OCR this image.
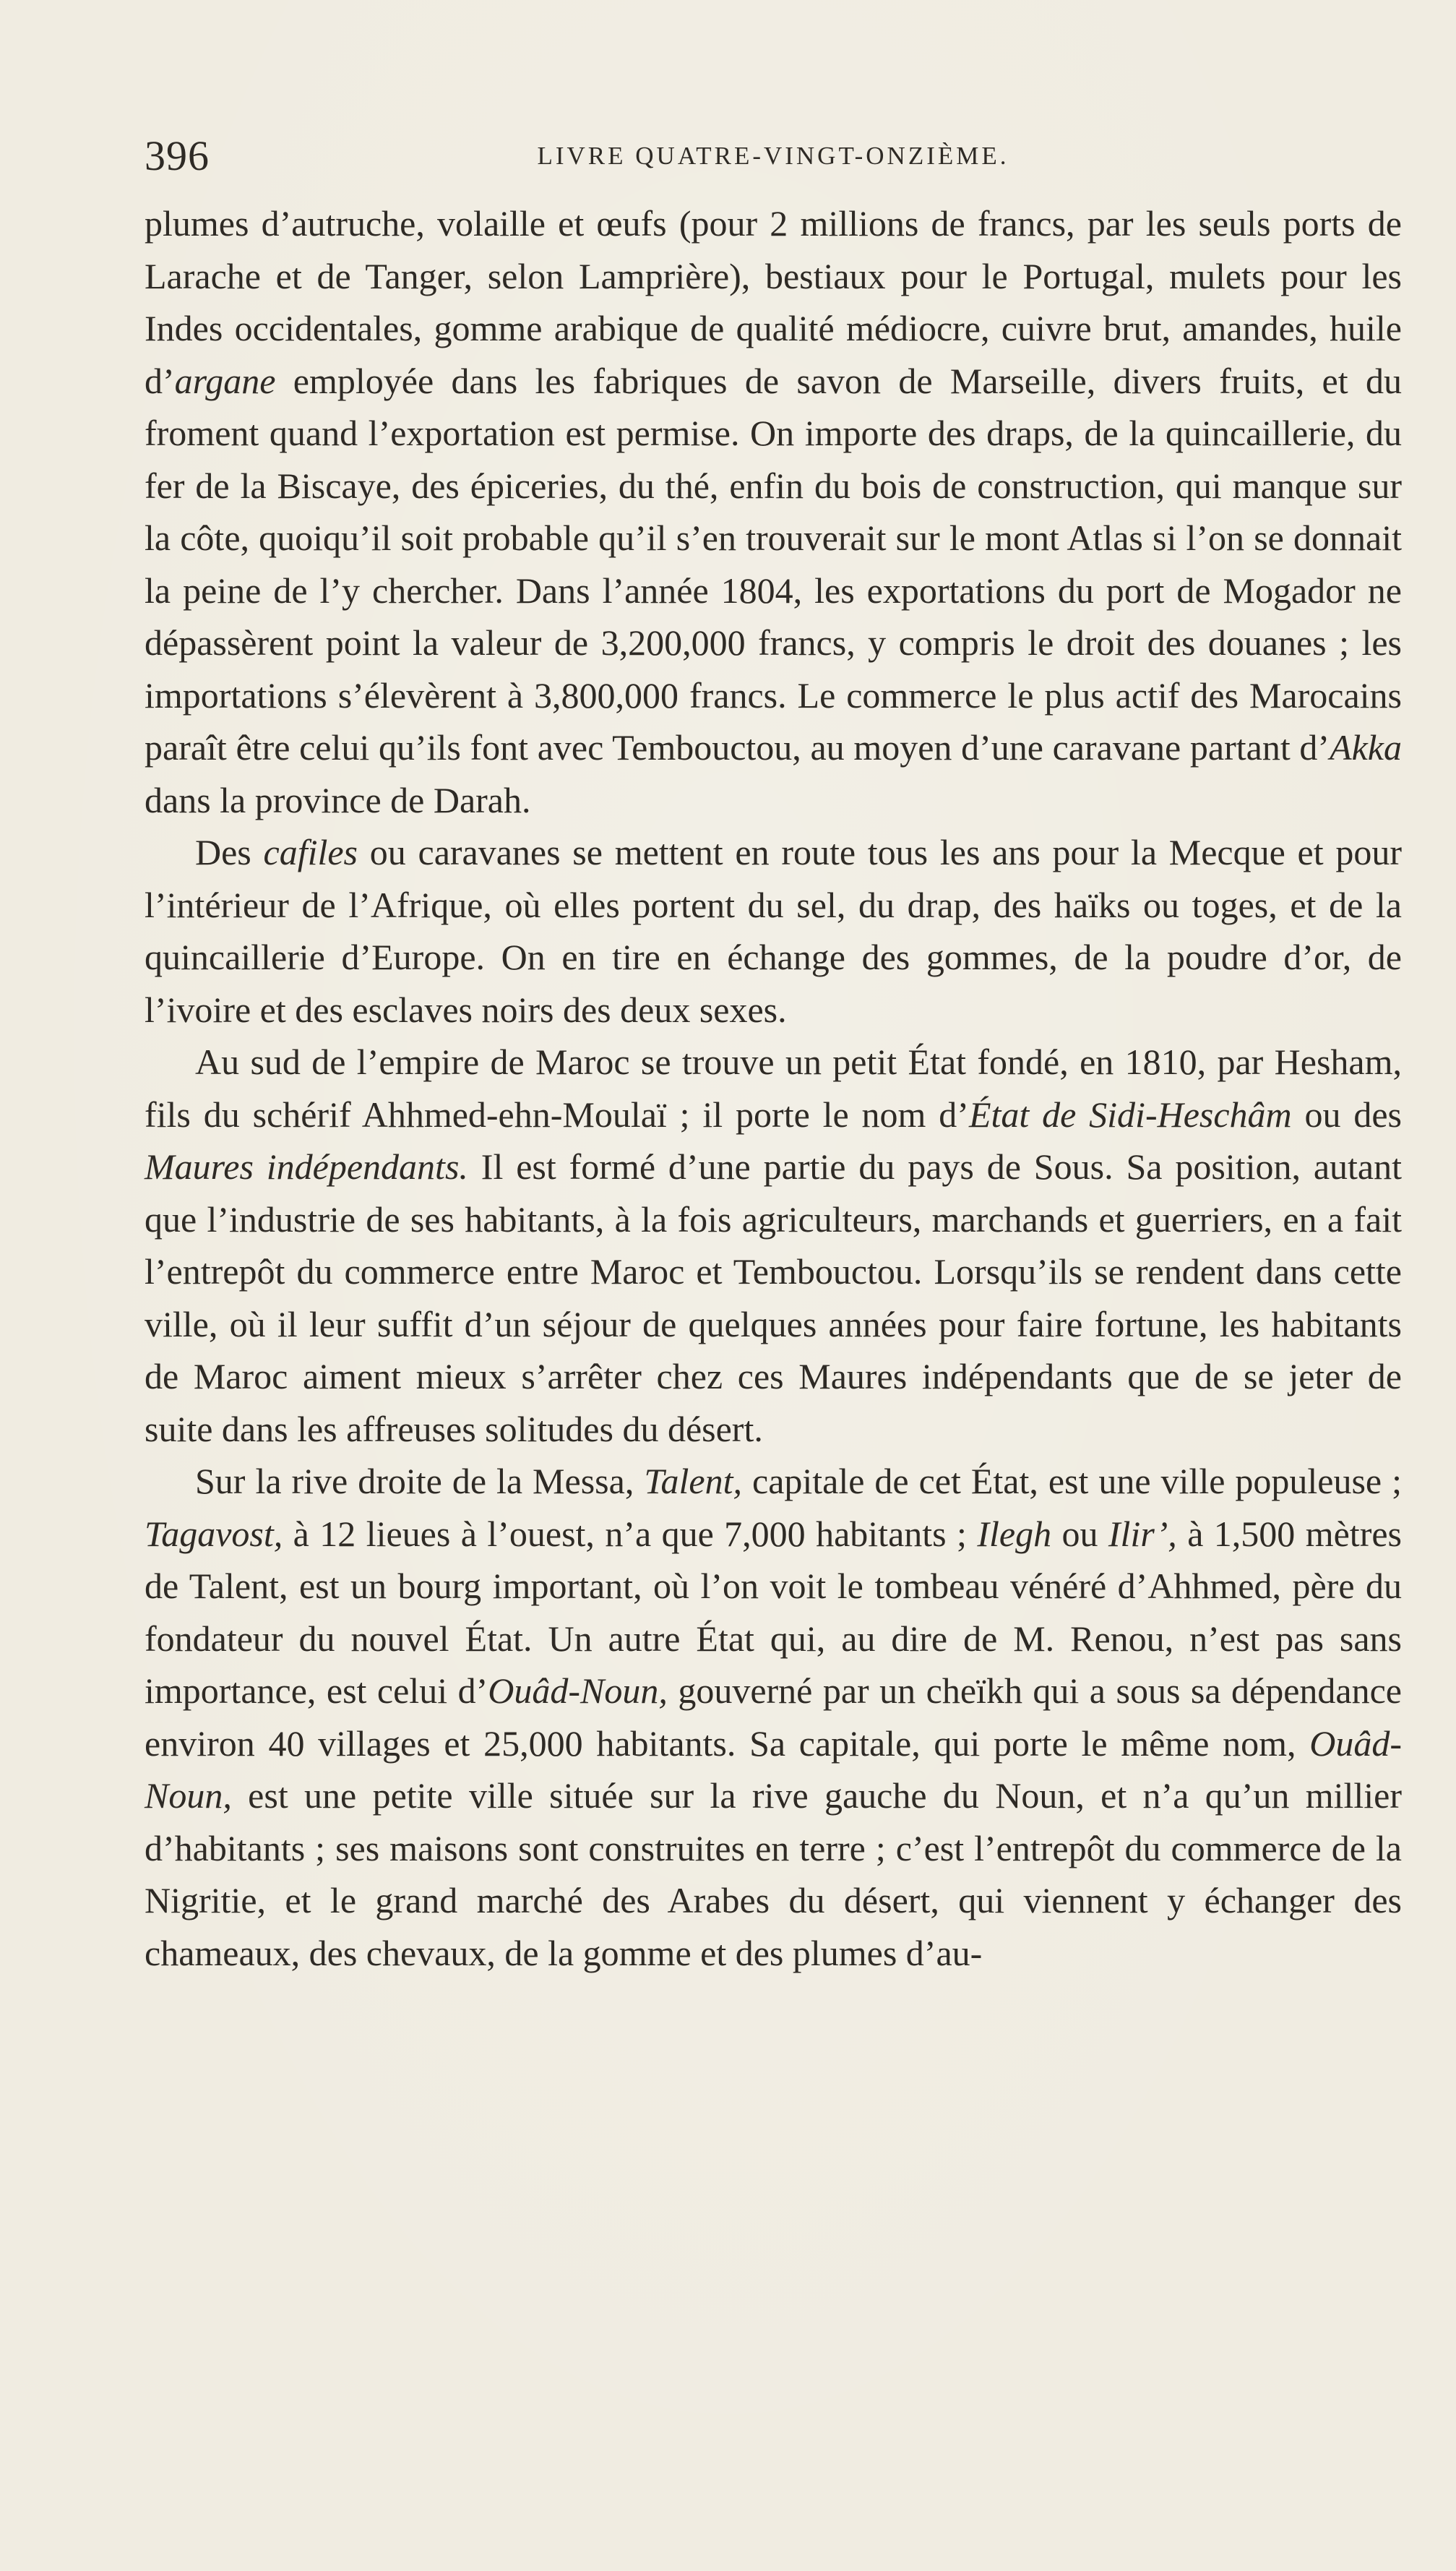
396	LIVRE QUATRE-VINGT-ONZIÈME.

plumes d’autruche, volaille et œufs (pour 2 millions de francs, par les seuls ports de Larache et de Tanger, selon Lamprière), bestiaux pour le Portugal, mulets pour les Indes occidentales, gomme arabique de qualité médiocre, cuivre brut, amandes, huile d’argane employée dans les fabriques de savon de Marseille, divers fruits, et du froment quand l’exportation est permise. On importe des draps, de la quincaillerie, du fer de la Biscaye, des épiceries, du thé, enfin du bois de construction, qui manque sur la côte, quoiqu’il soit probable qu’il s’en trouverait sur le mont Atlas si l’on se donnait la peine de l’y chercher. Dans l’année 1804, les exportations du port de Mogador ne dépassèrent point la valeur de 3,200,000 francs, y compris le droit des douanes ; les importations s’élevèrent à 3,800,000 francs. Le commerce le plus actif des Marocains paraît être celui qu’ils font avec Tembouctou, au moyen d’une caravane partant d’Akka dans la province de Darah.

Des cafiles ou caravanes se mettent en route tous les ans pour la Mecque et pour l’intérieur de l’Afrique, où elles portent du sel, du drap, des haïks ou toges, et de la quincaillerie d’Europe. On en tire en échange des gommes, de la poudre d’or, de l’ivoire et des esclaves noirs des deux sexes.

Au sud de l’empire de Maroc se trouve un petit État fondé, en 1810, par Hesham, fils du schérif Ahhmed-ehn-Moulaï ; il porte le nom d’État de Sidi-Heschâm ou des Maures indépendants. Il est formé d’une partie du pays de Sous. Sa position, autant que l’industrie de ses habitants, à la fois agriculteurs, marchands et guerriers, en a fait l’entrepôt du commerce entre Maroc et Tembouctou. Lorsqu’ils se rendent dans cette ville, où il leur suffit d’un séjour de quelques années pour faire fortune, les habitants de Maroc aiment mieux s’arrêter chez ces Maures indépendants que de se jeter de suite dans les affreuses solitudes du désert.

Sur la rive droite de la Messa, Talent, capitale de cet État, est une ville populeuse ; Tagavost, à 12 lieues à l’ouest, n’a que 7,000 habitants ; Ilegh ou Ilir’, à 1,500 mètres de Talent, est un bourg important, où l’on voit le tombeau vénéré d’Ahhmed, père du fondateur du nouvel État. Un autre État qui, au dire de M. Renou, n’est pas sans importance, est celui d’Ouâd-Noun, gouverné par un cheïkh qui a sous sa dépendance environ 40 villages et 25,000 habitants. Sa capitale, qui porte le même nom, Ouâd-Noun, est une petite ville située sur la rive gauche du Noun, et n’a qu’un millier d’habitants ; ses maisons sont construites en terre ; c’est l’entrepôt du commerce de la Nigritie, et le grand marché des Arabes du désert, qui viennent y échanger des chameaux, des chevaux, de la gomme et des plumes d’au-
